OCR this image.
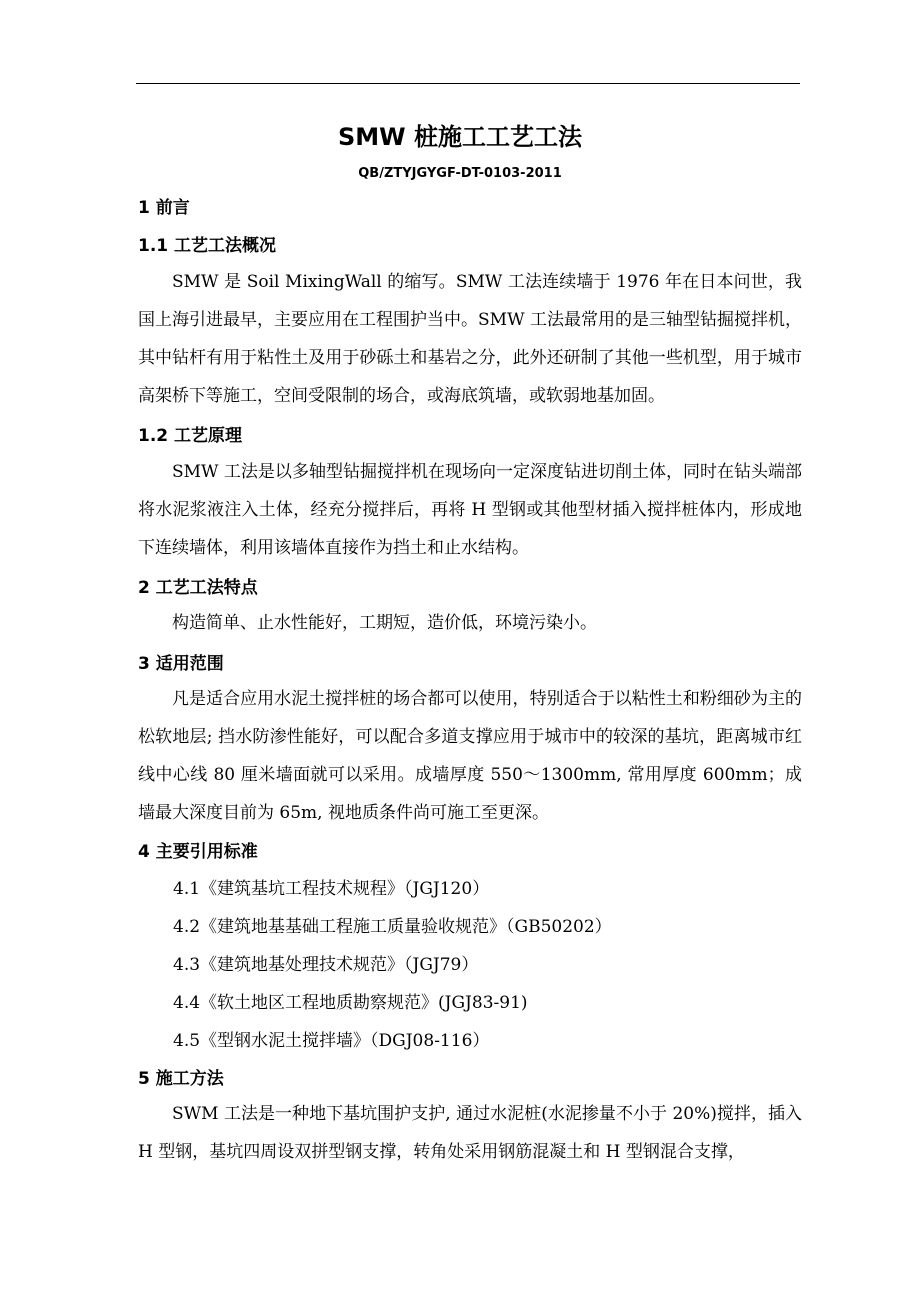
SMW 桩施工工艺工法
QB/ZTYJGYGF-DT-0103-2011
1 前言
1.1 工艺工法概况
SMW 是 Soil MixingWall 的缩写。SMW 工法连续墙于 1976 年在日本问世，我国上海引进最早，主要应用在工程围护当中。SMW 工法最常用的是三轴型钻掘搅拌机，其中钻杆有用于粘性土及用于砂砾土和基岩之分，此外还研制了其他一些机型，用于城市高架桥下等施工，空间受限制的场合，或海底筑墙，或软弱地基加固。
1.2 工艺原理
SMW 工法是以多轴型钻掘搅拌机在现场向一定深度钻进切削土体，同时在钻头端部将水泥浆液注入土体，经充分搅拌后，再将 H 型钢或其他型材插入搅拌桩体内，形成地下连续墙体，利用该墙体直接作为挡土和止水结构。
2 工艺工法特点
构造简单、止水性能好，工期短，造价低，环境污染小。
3 适用范围
凡是适合应用水泥土搅拌桩的场合都可以使用，特别适合于以粘性土和粉细砂为主的松软地层; 挡水防渗性能好，可以配合多道支撑应用于城市中的较深的基坑，距离城市红线中心线 80 厘米墙面就可以采用。成墙厚度 550～1300mm, 常用厚度 600mm；成墙最大深度目前为 65m, 视地质条件尚可施工至更深。
4 主要引用标准
4.1《建筑基坑工程技术规程》（JGJ120）
4.2《建筑地基基础工程施工质量验收规范》（GB50202）
4.3《建筑地基处理技术规范》（JGJ79）
4.4《软土地区工程地质勘察规范》(JGJ83-91)
4.5《型钢水泥土搅拌墙》（DGJ08-116）
5 施工方法
SWM 工法是一种地下基坑围护支护, 通过水泥桩(水泥掺量不小于 20%)搅拌，插入 H 型钢，基坑四周设双拼型钢支撑，转角处采用钢筋混凝土和 H 型钢混合支撑，
